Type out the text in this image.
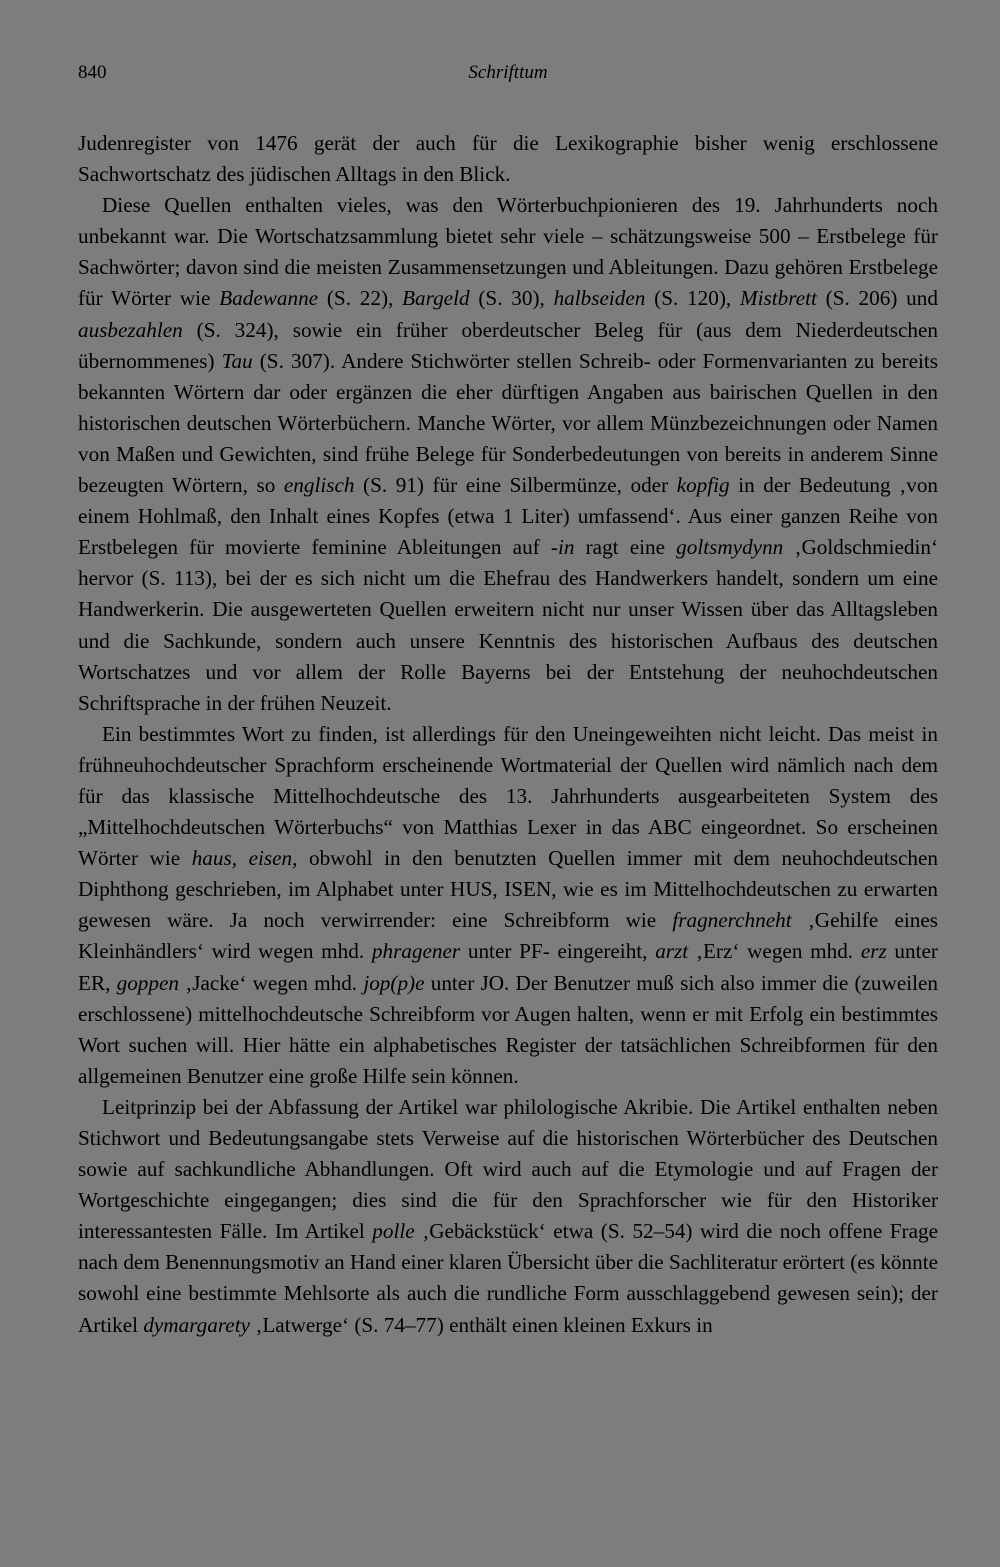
840	Schrifttum

Judenregister von 1476 gerät der auch für die Lexikographie bisher wenig erschlossene Sachwortschatz des jüdischen Alltags in den Blick.

Diese Quellen enthalten vieles, was den Wörterbuchpionieren des 19. Jahrhunderts noch unbekannt war. Die Wortschatzsammlung bietet sehr viele – schätzungsweise 500 – Erstbelege für Sachwörter; davon sind die meisten Zusammensetzungen und Ableitungen. Dazu gehören Erstbelege für Wörter wie Badewanne (S. 22), Bargeld (S. 30), halbseiden (S. 120), Mistbrett (S. 206) und ausbezahlen (S. 324), sowie ein früher oberdeutscher Beleg für (aus dem Niederdeutschen übernommenes) Tau (S. 307). Andere Stichwörter stellen Schreib- oder Formenvarianten zu bereits bekannten Wörtern dar oder ergänzen die eher dürftigen Angaben aus bairischen Quellen in den historischen deutschen Wörterbüchern. Manche Wörter, vor allem Münzbezeichnungen oder Namen von Maßen und Gewichten, sind frühe Belege für Sonderbedeutungen von bereits in anderem Sinne bezeugten Wörtern, so englisch (S. 91) für eine Silbermünze, oder kopfig in der Bedeutung ‚von einem Hohlmaß, den Inhalt eines Kopfes (etwa 1 Liter) umfassend‘. Aus einer ganzen Reihe von Erstbelegen für movierte feminine Ableitungen auf -in ragt eine goltsmydynn ‚Goldschmiedin‘ hervor (S. 113), bei der es sich nicht um die Ehefrau des Handwerkers handelt, sondern um eine Handwerkerin. Die ausgewerteten Quellen erweitern nicht nur unser Wissen über das Alltagsleben und die Sachkunde, sondern auch unsere Kenntnis des historischen Aufbaus des deutschen Wortschatzes und vor allem der Rolle Bayerns bei der Entstehung der neuhochdeutschen Schriftsprache in der frühen Neuzeit.

Ein bestimmtes Wort zu finden, ist allerdings für den Uneingeweihten nicht leicht. Das meist in frühneuhochdeutscher Sprachform erscheinende Wortmaterial der Quellen wird nämlich nach dem für das klassische Mittelhochdeutsche des 13. Jahrhunderts ausgearbeiteten System des „Mittelhochdeutschen Wörterbuchs“ von Matthias Lexer in das ABC eingeordnet. So erscheinen Wörter wie haus, eisen, obwohl in den benutzten Quellen immer mit dem neuhochdeutschen Diphthong geschrieben, im Alphabet unter HUS, ISEN, wie es im Mittelhochdeutschen zu erwarten gewesen wäre. Ja noch verwirrender: eine Schreibform wie fragnerchneht ‚Gehilfe eines Kleinhändlers‘ wird wegen mhd. phragener unter PF- eingereiht, arzt ‚Erz‘ wegen mhd. erz unter ER, goppen ‚Jacke‘ wegen mhd. jop(p)e unter JO. Der Benutzer muß sich also immer die (zuweilen erschlossene) mittelhochdeutsche Schreibform vor Augen halten, wenn er mit Erfolg ein bestimmtes Wort suchen will. Hier hätte ein alphabetisches Register der tatsächlichen Schreibformen für den allgemeinen Benutzer eine große Hilfe sein können.

Leitprinzip bei der Abfassung der Artikel war philologische Akribie. Die Artikel enthalten neben Stichwort und Bedeutungsangabe stets Verweise auf die historischen Wörterbücher des Deutschen sowie auf sachkundliche Abhandlungen. Oft wird auch auf die Etymologie und auf Fragen der Wortgeschichte eingegangen; dies sind die für den Sprachforscher wie für den Historiker interessantesten Fälle. Im Artikel polle ‚Gebäckstück‘ etwa (S. 52–54) wird die noch offene Frage nach dem Benennungsmotiv an Hand einer klaren Übersicht über die Sachliteratur erörtert (es könnte sowohl eine bestimmte Mehlsorte als auch die rundliche Form ausschlaggebend gewesen sein); der Artikel dymargarety ‚Latwerge‘ (S. 74–77) enthält einen kleinen Exkurs in
